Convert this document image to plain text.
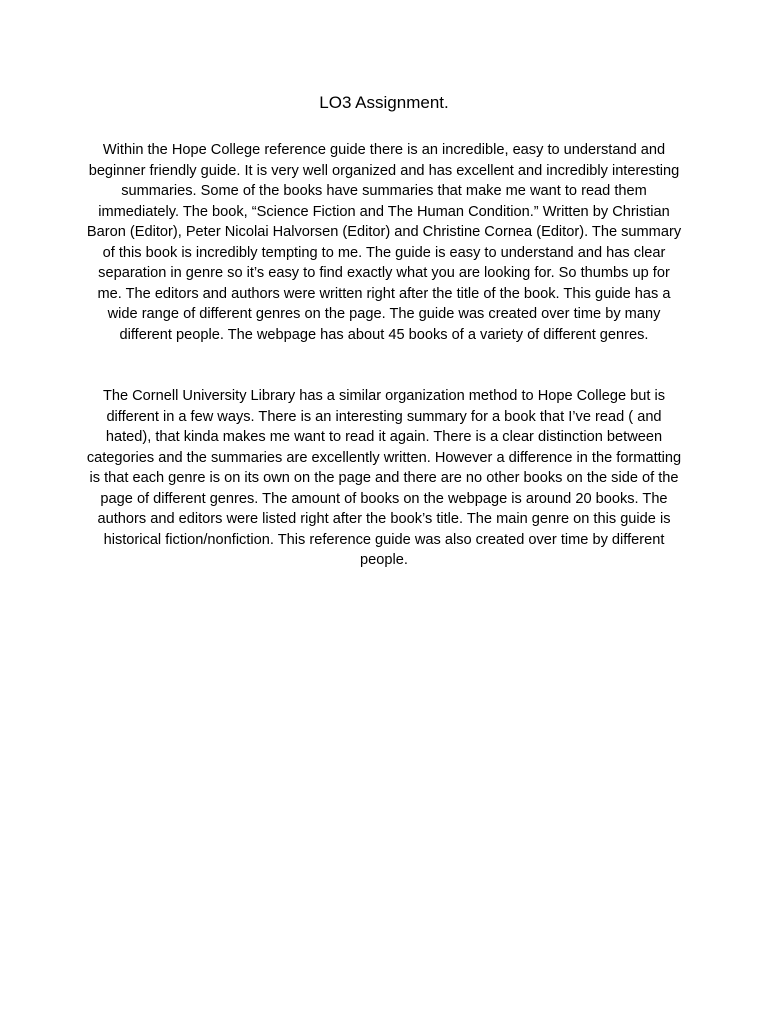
LO3 Assignment.

Within the Hope College reference guide there is an incredible, easy to understand and beginner friendly guide. It is very well organized and has excellent and incredibly interesting summaries. Some of the books have summaries that make me want to read them immediately. The book, “Science Fiction and The Human Condition.” Written by Christian Baron (Editor), Peter Nicolai Halvorsen (Editor) and Christine Cornea (Editor). The summary of this book is incredibly tempting to me. The guide is easy to understand and has clear separation in genre so it’s easy to find exactly what you are looking for. So thumbs up for me. The editors and authors were written right after the title of the book. This guide has a wide range of different genres on the page. The guide was created over time by many different people. The webpage has about 45 books of a variety of different genres.

The Cornell University Library has a similar organization method to Hope College but is different in a few ways. There is an interesting summary for a book that I’ve read ( and hated), that kinda makes me want to read it again. There is a clear distinction between categories and the summaries are excellently written. However a difference in the formatting is that each genre is on its own on the page and there are no other books on the side of the page of different genres. The amount of books on the webpage is around 20 books. The authors and editors were listed right after the book’s title. The main genre on this guide is historical fiction/nonfiction. This reference guide was also created over time by different people.
